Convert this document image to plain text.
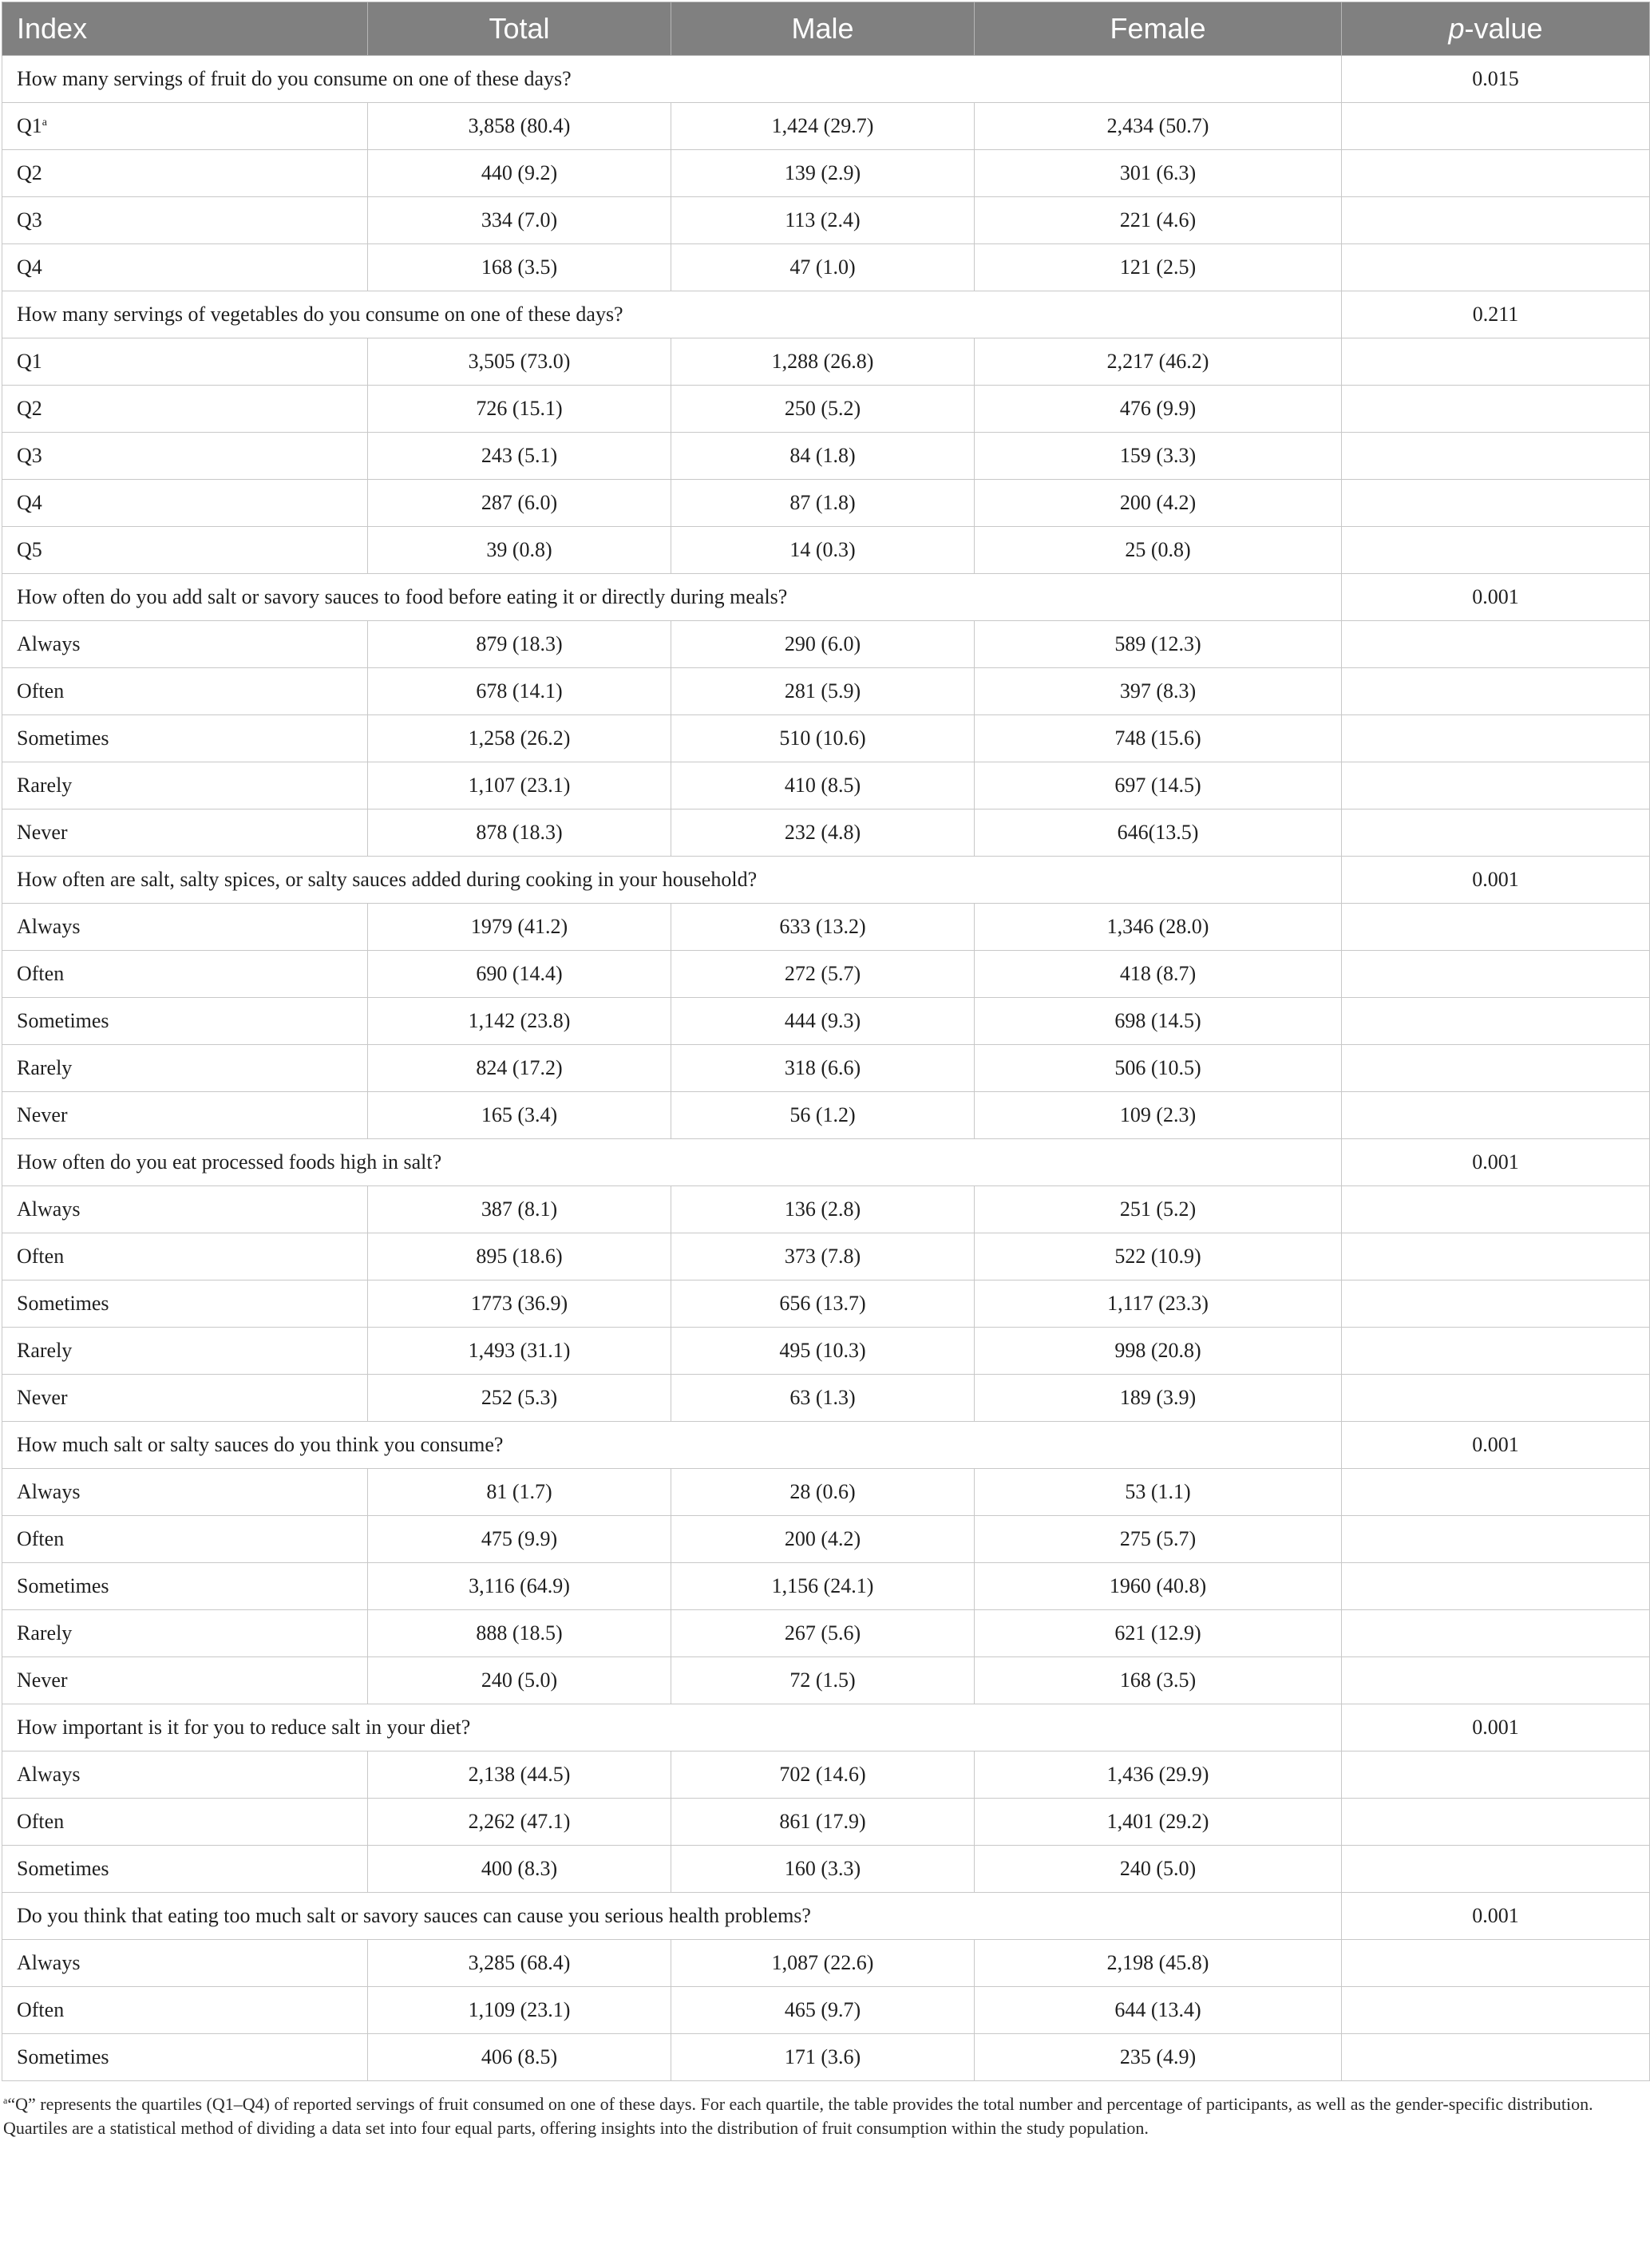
Index	Total	Male	Female	p-value
How many servings of fruit do you consume on one of these days?				0.015
Q1$^a$	3,858 (80.4)	1,424 (29.7)	2,434 (50.7)	
Q2	440 (9.2)	139 (2.9)	301 (6.3)	
Q3	334 (7.0)	113 (2.4)	221 (4.6)	
Q4	168 (3.5)	47 (1.0)	121 (2.5)	
How many servings of vegetables do you consume on one of these days?				0.211
Q1	3,505 (73.0)	1,288 (26.8)	2,217 (46.2)	
Q2	726 (15.1)	250 (5.2)	476 (9.9)	
Q3	243 (5.1)	84 (1.8)	159 (3.3)	
Q4	287 (6.0)	87 (1.8)	200 (4.2)	
Q5	39 (0.8)	14 (0.3)	25 (0.8)	
How often do you add salt or savory sauces to food before eating it or directly during meals?				0.001
Always	879 (18.3)	290 (6.0)	589 (12.3)	
Often	678 (14.1)	281 (5.9)	397 (8.3)	
Sometimes	1,258 (26.2)	510 (10.6)	748 (15.6)	
Rarely	1,107 (23.1)	410 (8.5)	697 (14.5)	
Never	878 (18.3)	232 (4.8)	646(13.5)	
How often are salt, salty spices, or salty sauces added during cooking in your household?				0.001
Always	1979 (41.2)	633 (13.2)	1,346 (28.0)	
Often	690 (14.4)	272 (5.7)	418 (8.7)	
Sometimes	1,142 (23.8)	444 (9.3)	698 (14.5)	
Rarely	824 (17.2)	318 (6.6)	506 (10.5)	
Never	165 (3.4)	56 (1.2)	109 (2.3)	
How often do you eat processed foods high in salt?				0.001
Always	387 (8.1)	136 (2.8)	251 (5.2)	
Often	895 (18.6)	373 (7.8)	522 (10.9)	
Sometimes	1773 (36.9)	656 (13.7)	1,117 (23.3)	
Rarely	1,493 (31.1)	495 (10.3)	998 (20.8)	
Never	252 (5.3)	63 (1.3)	189 (3.9)	
How much salt or salty sauces do you think you consume?				0.001
Always	81 (1.7)	28 (0.6)	53 (1.1)	
Often	475 (9.9)	200 (4.2)	275 (5.7)	
Sometimes	3,116 (64.9)	1,156 (24.1)	1960 (40.8)	
Rarely	888 (18.5)	267 (5.6)	621 (12.9)	
Never	240 (5.0)	72 (1.5)	168 (3.5)	
How important is it for you to reduce salt in your diet?				0.001
Always	2,138 (44.5)	702 (14.6)	1,436 (29.9)	
Often	2,262 (47.1)	861 (17.9)	1,401 (29.2)	
Sometimes	400 (8.3)	160 (3.3)	240 (5.0)	
Do you think that eating too much salt or savory sauces can cause you serious health problems?				0.001
Always	3,285 (68.4)	1,087 (22.6)	2,198 (45.8)	
Often	1,109 (23.1)	465 (9.7)	644 (13.4)	
Sometimes	406 (8.5)	171 (3.6)	235 (4.9)	
$^a$“Q” represents the quartiles (Q1–Q4) of reported servings of fruit consumed on one of these days. For each quartile, the table provides the total number and percentage of participants, as well as the gender-specific distribution. Quartiles are a statistical method of dividing a data set into four equal parts, offering insights into the distribution of fruit consumption within the study population.
